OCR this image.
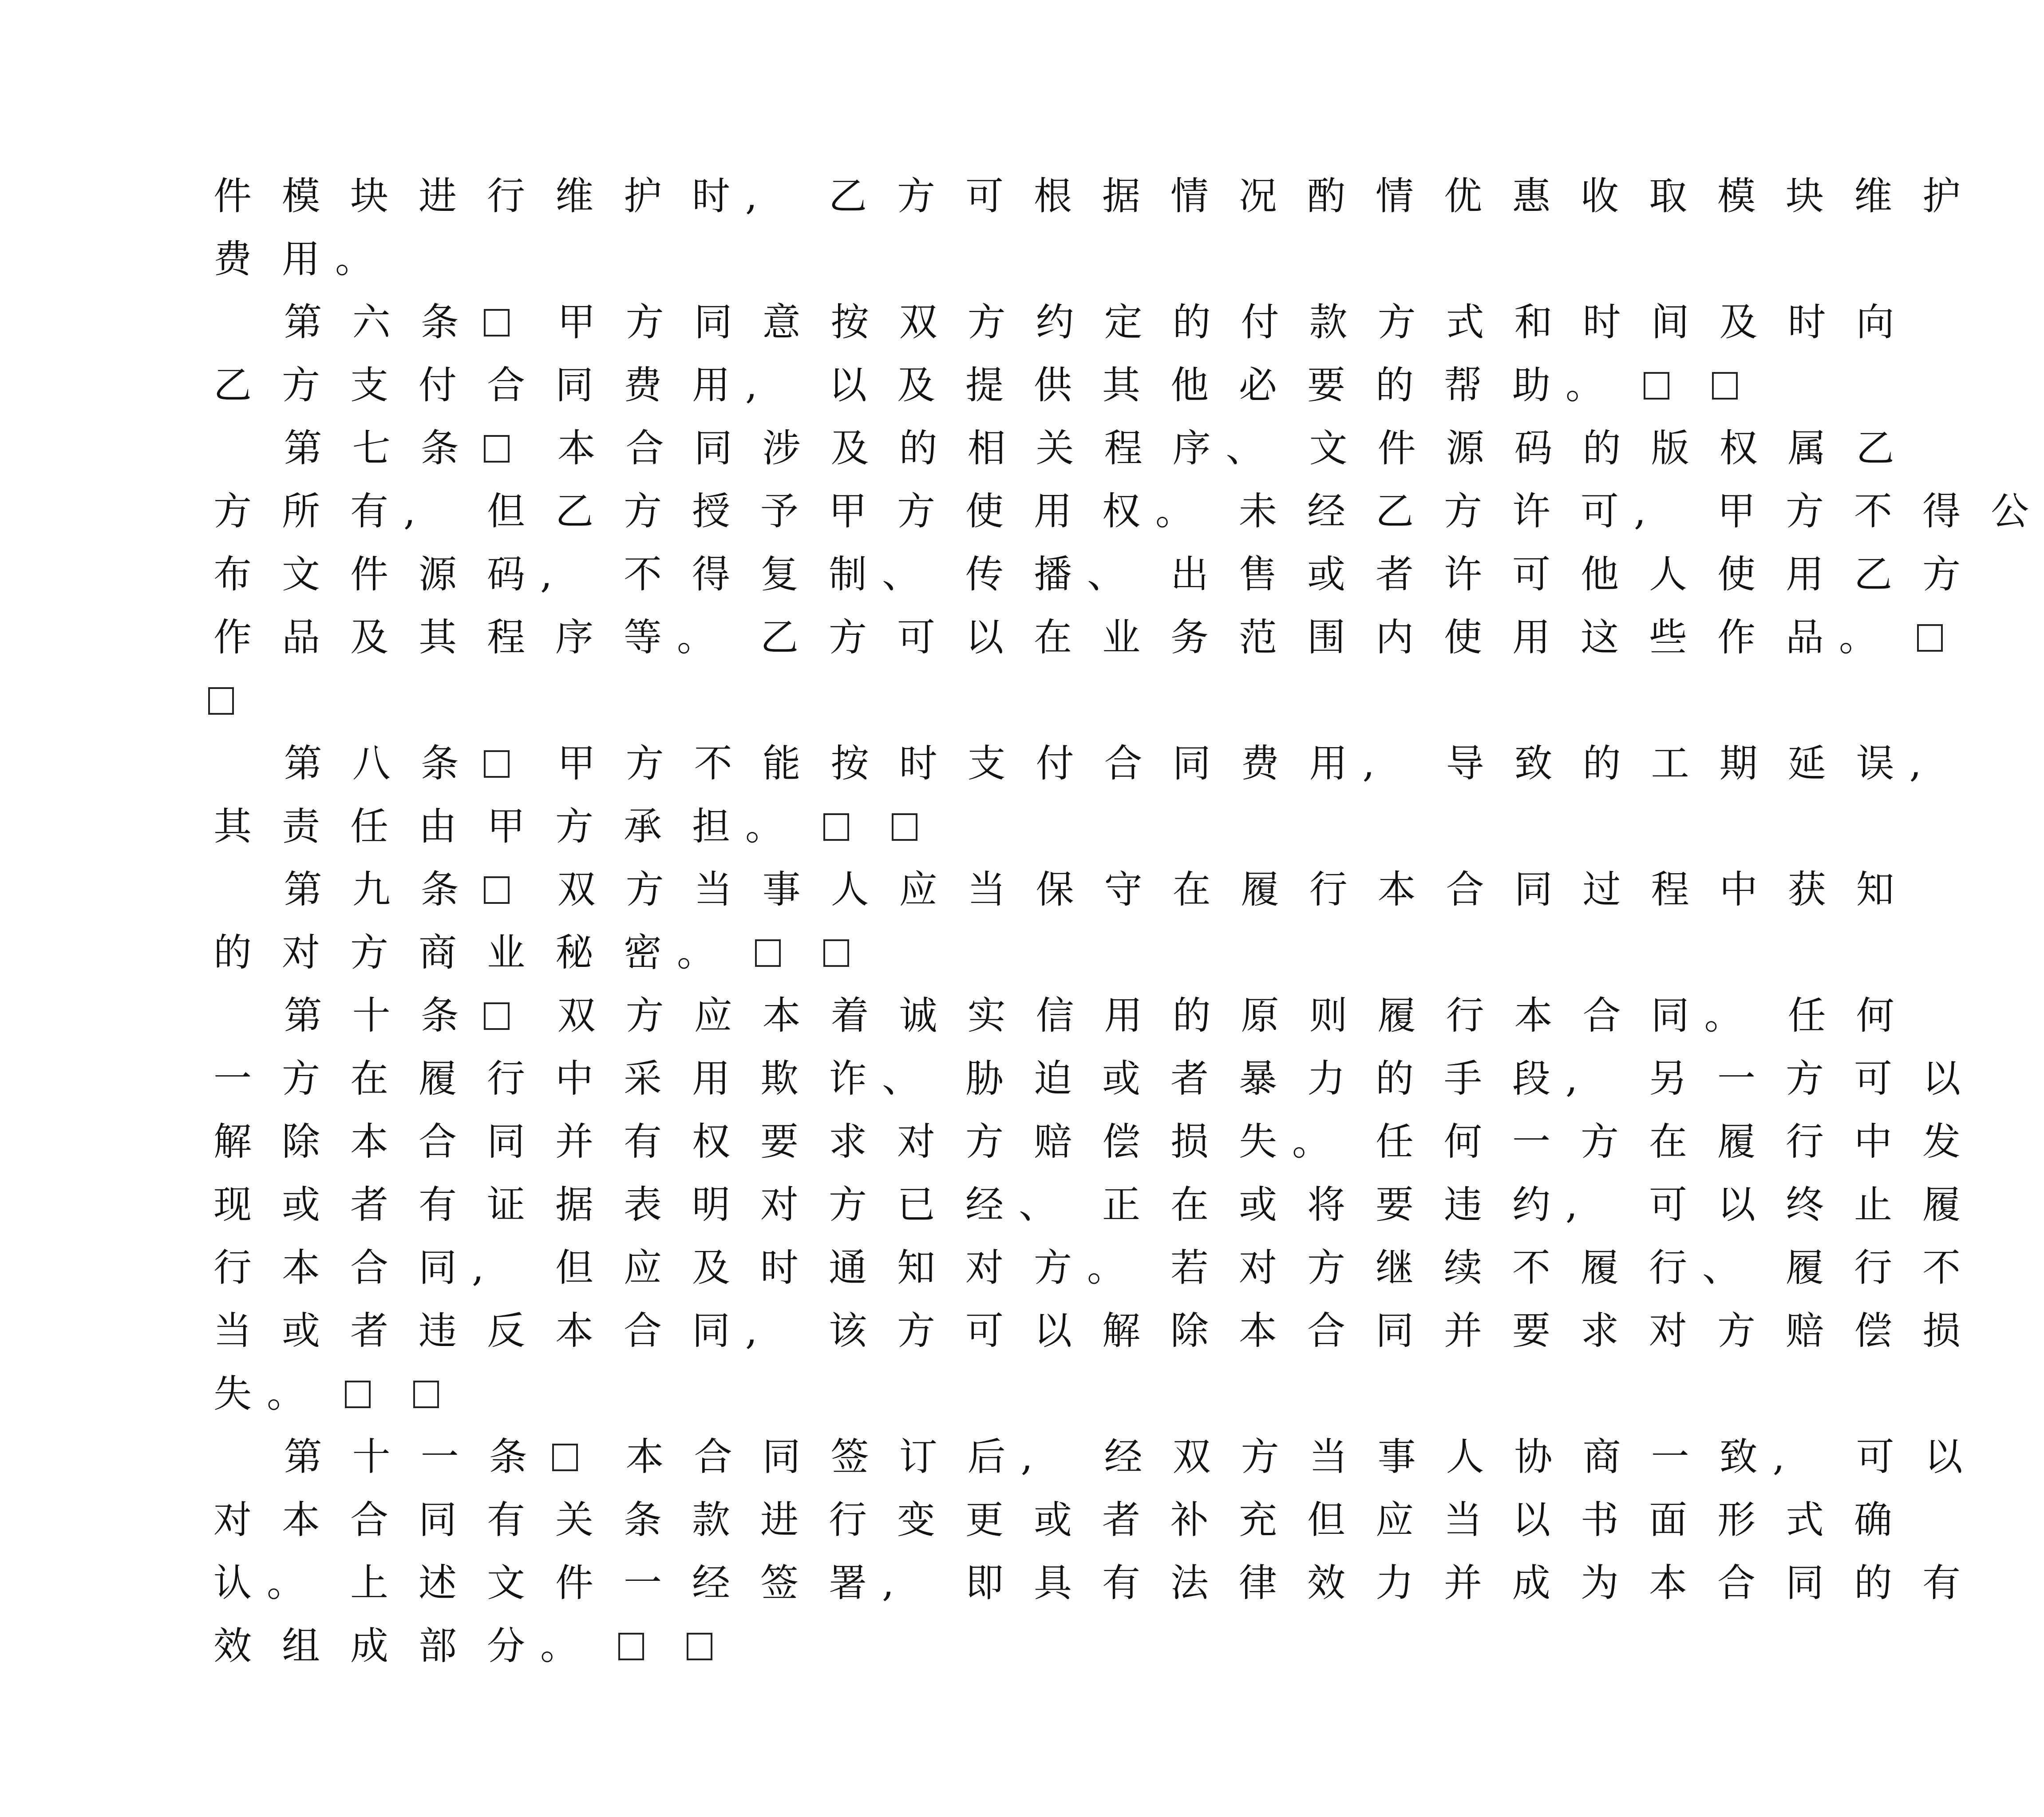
件 模 块 进 行 维 护 时 , 乙 方 可 根 据 情 况 酌 情 优 惠 收 取 模 块 维 护
费 用 。
第 六 条	甲 方 同 意 按 双 方 约 定 的 付 款 方 式 和 时 间 及 时 向
乙 方 支 付 合 同 费 用 , 以 及 提 供 其 他 必 要 的 帮 助 。
第 七 条	本 合 同 涉 及 的 相 关 程 序 、 文 件 源 码 的 版 权 属 乙
方 所 有 , 但 乙 方 授 予 甲 方 使 用 权 。 未 经 乙 方 许 可 , 甲 方 不 得 公
布 文 件 源 码 , 不 得 复 制 、 传 播 、 出 售 或 者 许 可 他 人 使 用 乙 方
作 品 及 其 程 序 等 。 乙 方 可 以 在 业 务 范 围 内 使 用 这 些 作 品 。
第 八 条	甲 方 不 能 按 时 支 付 合 同 费 用 , 导 致 的 工 期 延 误 ,
其 责 任 由 甲 方 承 担 。
第 九 条	双 方 当 事 人 应 当 保 守 在 履 行 本 合 同 过 程 中 获 知
的 对 方 商 业 秘 密 。
第 十 条	双 方 应 本 着 诚 实 信 用 的 原 则 履 行 本 合 同 。 任 何
一 方 在 履 行 中 采 用 欺 诈 、 胁 迫 或 者 暴 力 的 手 段 , 另 一 方 可 以
解 除 本 合 同 并 有 权 要 求 对 方 赔 偿 损 失 。 任 何 一 方 在 履 行 中 发
现 或 者 有 证 据 表 明 对 方 已 经 、 正 在 或 将 要 违 约 , 可 以 终 止 履
行 本 合 同 , 但 应 及 时 通 知 对 方 。 若 对 方 继 续 不 履 行 、 履 行 不
当 或 者 违 反 本 合 同 , 该 方 可 以 解 除 本 合 同 并 要 求 对 方 赔 偿 损
失 。
第 十 一 条	本 合 同 签 订 后 , 经 双 方 当 事 人 协 商 一 致 , 可 以
对 本 合 同 有 关 条 款 进 行 变 更 或 者 补 充 但 应 当 以 书 面 形 式 确
认 。 上 述 文 件 一 经 签 署 , 即 具 有 法 律 效 力 并 成 为 本 合 同 的 有
效 组 成 部 分 。
